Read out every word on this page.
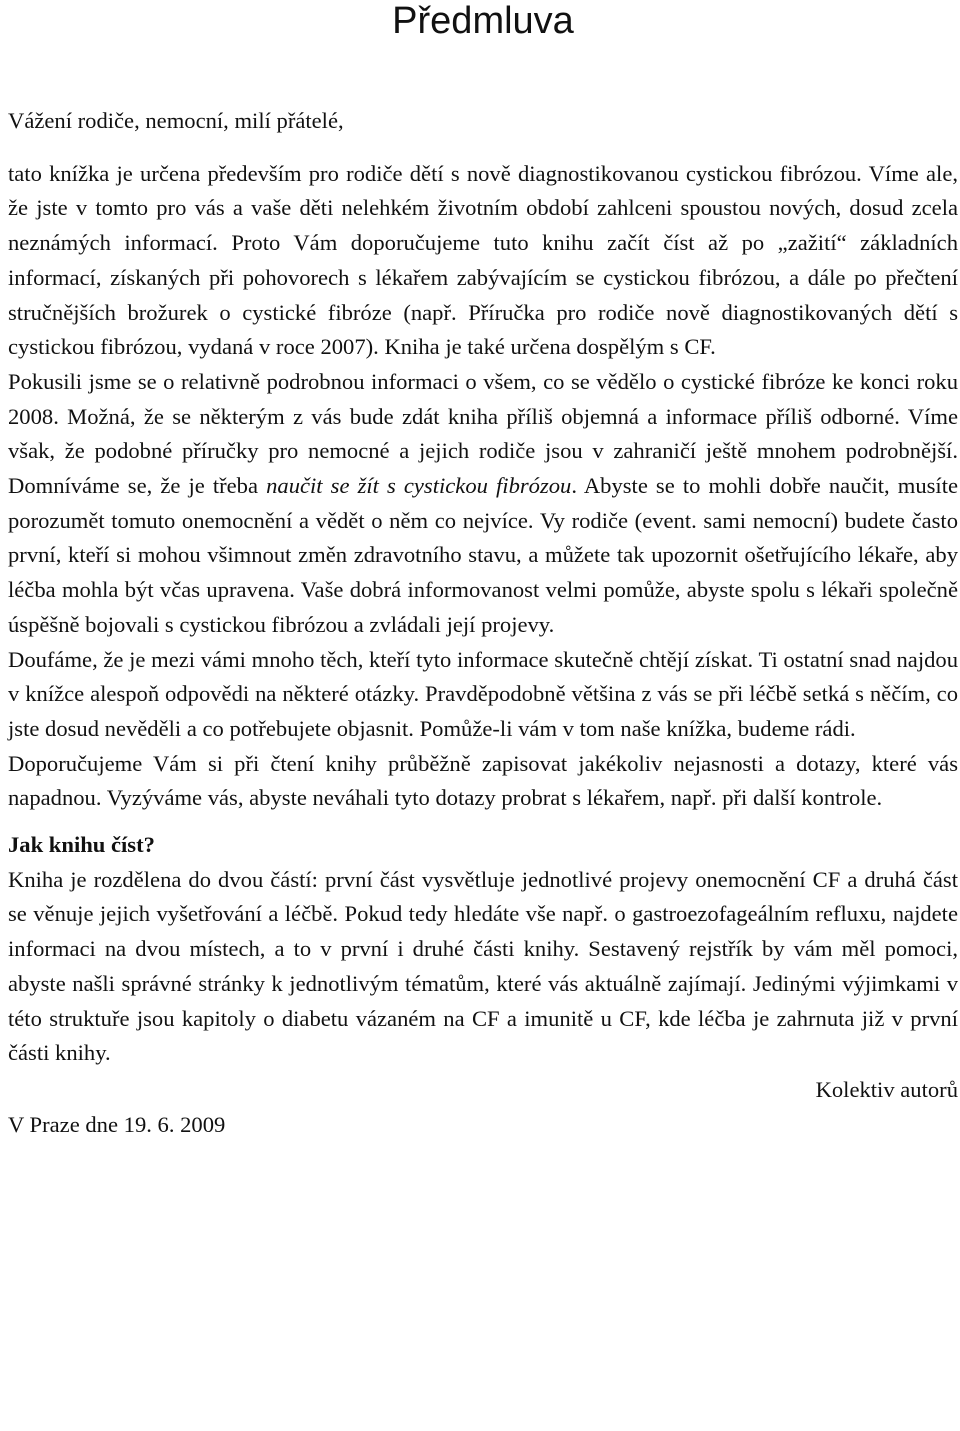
Předmluva

Vážení rodiče, nemocní, milí přátelé,

tato knížka je určena především pro rodiče dětí s nově diagnostikovanou cystickou fibrózou. Víme ale, že jste v tomto pro vás a vaše děti nelehkém životním období zahlceni spoustou nových, dosud zcela neznámých informací. Proto Vám doporučujeme tuto knihu začít číst až po „zažití“ základních informací, získaných při pohovorech s lékařem zabývajícím se cystickou fibrózou, a dále po přečtení stručnějších brožurek o cystické fibróze (např. Příručka pro rodiče nově diagnostikovaných dětí s cystickou fibrózou, vydaná v roce 2007). Kniha je také určena dospělým s CF.

Pokusili jsme se o relativně podrobnou informaci o všem, co se vědělo o cystické fibróze ke konci roku 2008. Možná, že se některým z vás bude zdát kniha příliš objemná a informace příliš odborné. Víme však, že podobné příručky pro nemocné a jejich rodiče jsou v zahraničí ještě mnohem podrobnější. Domníváme se, že je třeba naučit se žít s cystickou fibrózou. Abyste se to mohli dobře naučit, musíte porozumět tomuto onemocnění a vědět o něm co nejvíce. Vy rodiče (event. sami nemocní) budete často první, kteří si mohou všimnout změn zdravotního stavu, a můžete tak upozornit ošetřujícího lékaře, aby léčba mohla být včas upravena. Vaše dobrá informovanost velmi pomůže, abyste spolu s lékaři společně úspěšně bojovali s cystickou fibrózou a zvládali její projevy.

Doufáme, že je mezi vámi mnoho těch, kteří tyto informace skutečně chtějí získat. Ti ostatní snad najdou v knížce alespoň odpovědi na některé otázky. Pravděpodobně většina z vás se při léčbě setká s něčím, co jste dosud nevěděli a co potřebujete objasnit. Pomůže-li vám v tom naše knížka, budeme rádi.

Doporučujeme Vám si při čtení knihy průběžně zapisovat jakékoliv nejasnosti a dotazy, které vás napadnou. Vyzýváme vás, abyste neváhali tyto dotazy probrat s lékařem, např. při další kontrole.

Jak knihu číst?

Kniha je rozdělena do dvou částí: první část vysvětluje jednotlivé projevy onemocnění CF a druhá část se věnuje jejich vyšetřování a léčbě. Pokud tedy hledáte vše např. o gastroezofageálním refluxu, najdete informaci na dvou místech, a to v první i druhé části knihy. Sestavený rejstřík by vám měl pomoci, abyste našli správné stránky k jednotlivým tématům, které vás aktuálně zajímají. Jedinými výjimkami v této struktuře jsou kapitoly o diabetu vázaném na CF a imunitě u CF, kde léčba je zahrnuta již v první části knihy.

Kolektiv autorů
V Praze dne 19. 6. 2009
